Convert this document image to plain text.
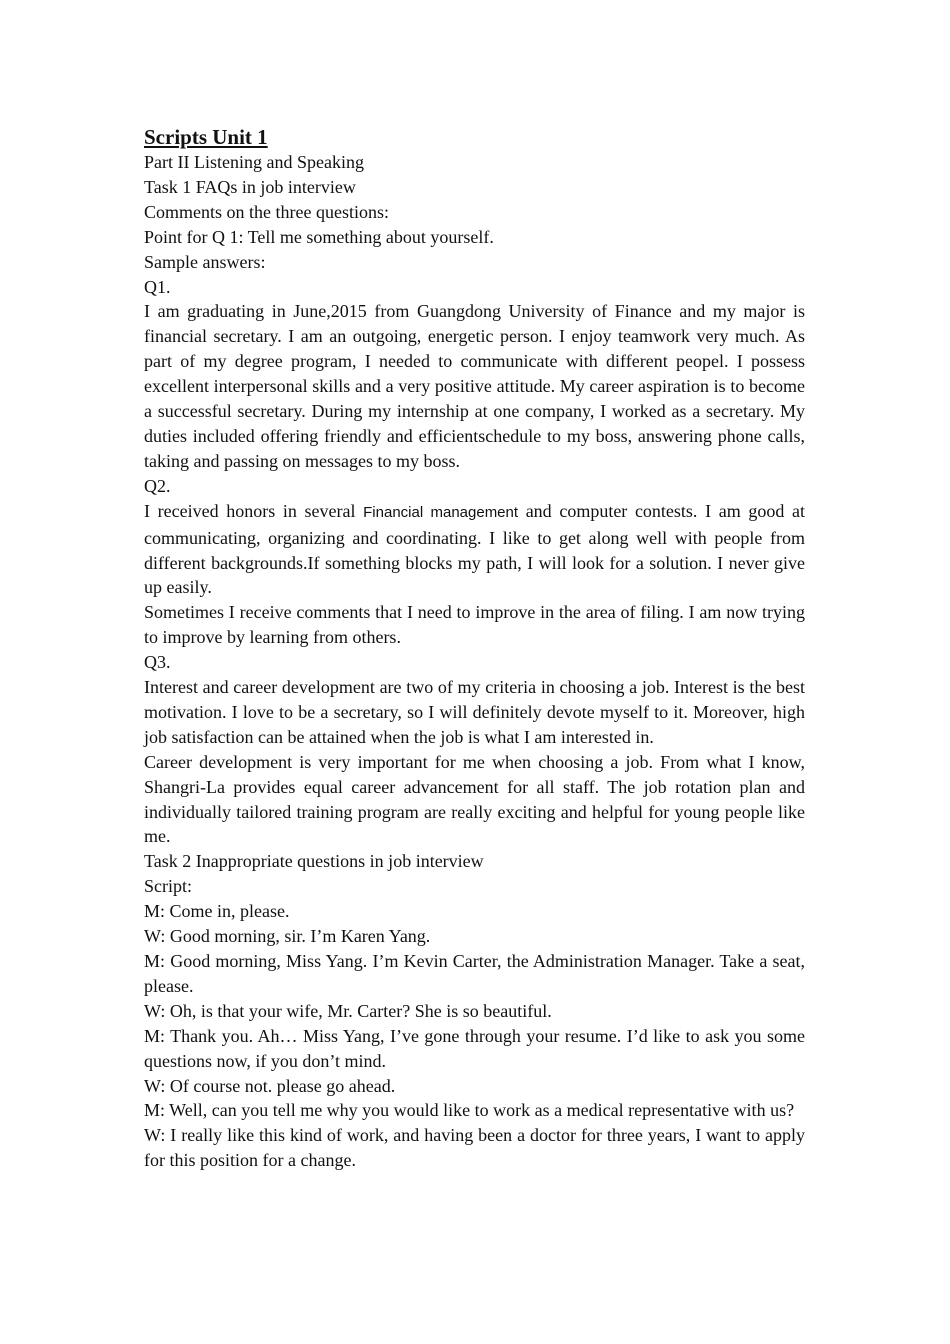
Scripts Unit 1

Part II Listening and Speaking

Task 1 FAQs in job interview

Comments on the three questions:

Point for Q 1: Tell me something about yourself.

Sample answers:

Q1.

I am graduating in June,2015 from Guangdong University of Finance and my major is financial secretary. I am an outgoing, energetic person. I enjoy teamwork very much. As part of my degree program, I needed to communicate with different peopel. I possess excellent interpersonal skills and a very positive attitude. My career aspiration is to become a successful secretary. During my internship at one company, I worked as a secretary. My duties included offering friendly and efficientschedule to my boss, answering phone calls, taking and passing on messages to my boss.

Q2.

I received honors in several Financial management and computer contests. I am good at communicating, organizing and coordinating. I like to get along well with people from different backgrounds.If something blocks my path, I will look for a solution. I never give up easily.

Sometimes I receive comments that I need to improve in the area of filing. I am now trying to improve by learning from others.

Q3.

Interest and career development are two of my criteria in choosing a job. Interest is the best motivation. I love to be a secretary, so I will definitely devote myself to it. Moreover, high job satisfaction can be attained when the job is what I am interested in.

Career development is very important for me when choosing a job. From what I know, Shangri-La provides equal career advancement for all staff. The job rotation plan and individually tailored training program are really exciting and helpful for young people like me.

Task 2 Inappropriate questions in job interview

Script:

M: Come in, please.

W: Good morning, sir. I’m Karen Yang.

M: Good morning, Miss Yang. I’m Kevin Carter, the Administration Manager. Take a seat, please.

W: Oh, is that your wife, Mr. Carter? She is so beautiful.

M: Thank you. Ah… Miss Yang, I’ve gone through your resume. I’d like to ask you some questions now, if you don’t mind.

W: Of course not. please go ahead.

M: Well, can you tell me why you would like to work as a medical representative with us?

W: I really like this kind of work, and having been a doctor for three years, I want to apply for this position for a change.
